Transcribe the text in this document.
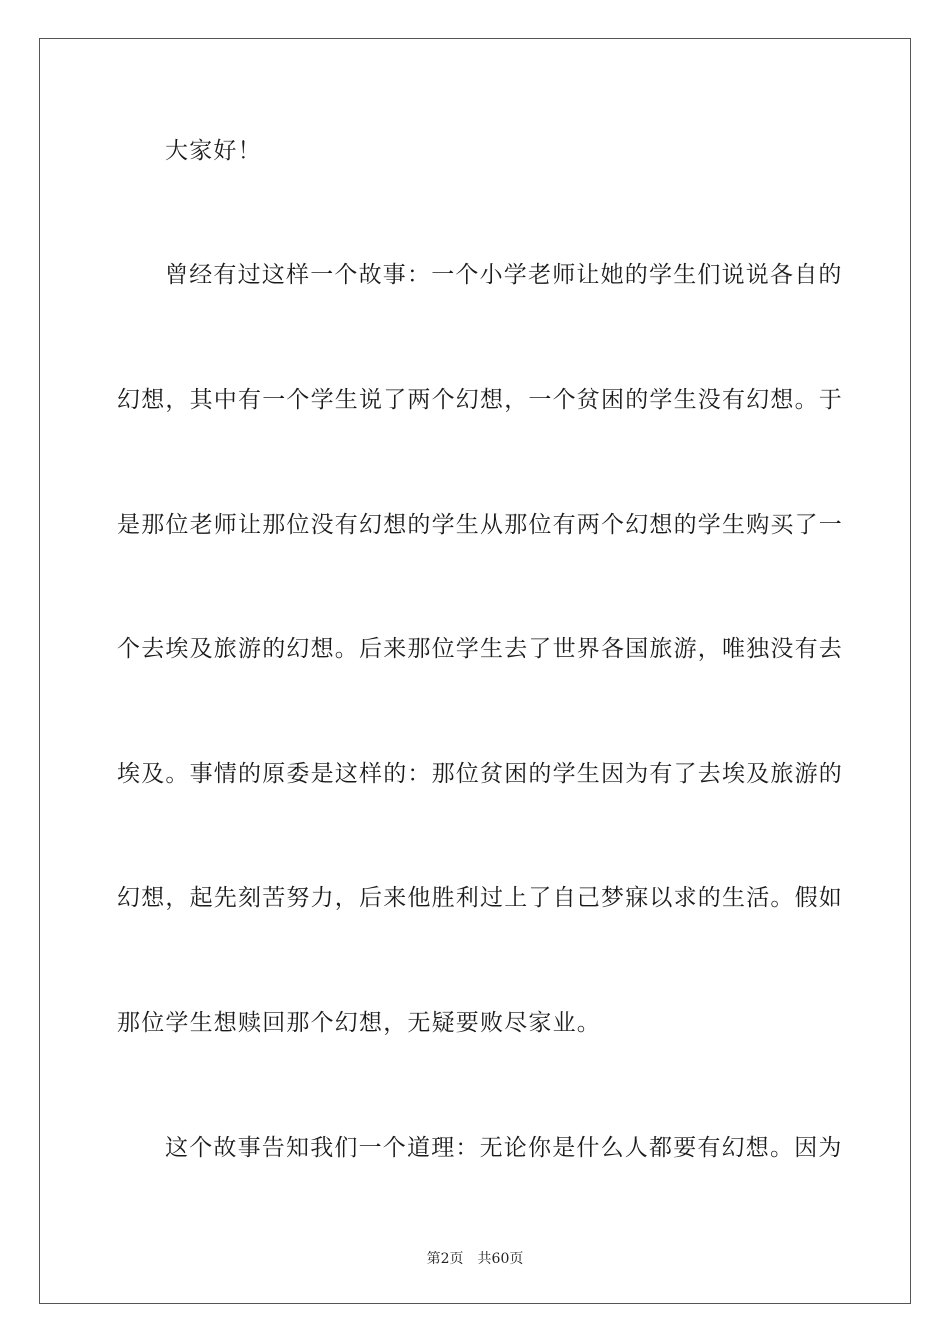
大家好！
曾经有过这样一个故事：一个小学老师让她的学生们说说各自的
幻想，其中有一个学生说了两个幻想，一个贫困的学生没有幻想。于
是那位老师让那位没有幻想的学生从那位有两个幻想的学生购买了一
个去埃及旅游的幻想。后来那位学生去了世界各国旅游，唯独没有去
埃及。事情的原委是这样的：那位贫困的学生因为有了去埃及旅游的
幻想，起先刻苦努力，后来他胜利过上了自己梦寐以求的生活。假如
那位学生想赎回那个幻想，无疑要败尽家业。
这个故事告知我们一个道理：无论你是什么人都要有幻想。因为
第2页 共60页
